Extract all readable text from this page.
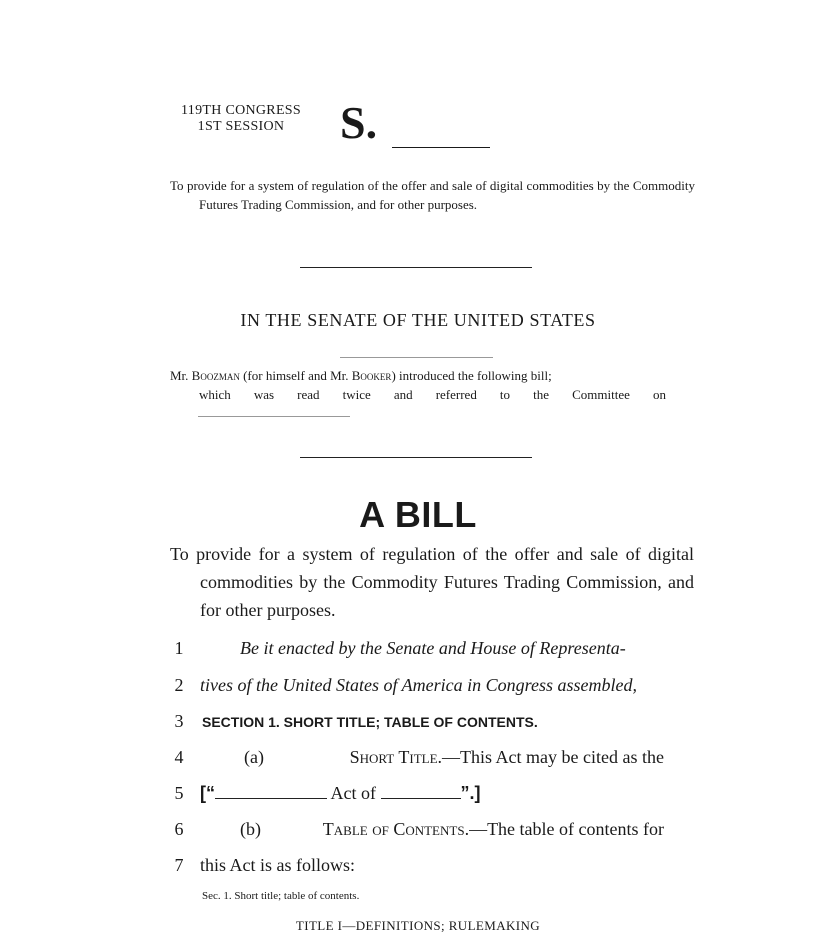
119TH CONGRESS
1ST SESSION	S.
To provide for a system of regulation of the offer and sale of digital commodities by the Commodity Futures Trading Commission, and for other purposes.
IN THE SENATE OF THE UNITED STATES
Mr. Boozman (for himself and Mr. Booker) introduced the following bill;
which was read twice and referred to the Committee on
A BILL
To provide for a system of regulation of the offer and sale of digital commodities by the Commodity Futures Trading Commission, and for other purposes.
1	Be it enacted by the Senate and House of Representa-
2 tives of the United States of America in Congress assembled,
3	SECTION 1. SHORT TITLE; TABLE OF CONTENTS.
4	(a)	Short Title.—This Act may be cited as the
5 [“	Act of	”.]
6	(b)	Table of Contents.—The table of contents for
7 this Act is as follows:
Sec. 1. Short title; table of contents.
TITLE I—DEFINITIONS; RULEMAKING
